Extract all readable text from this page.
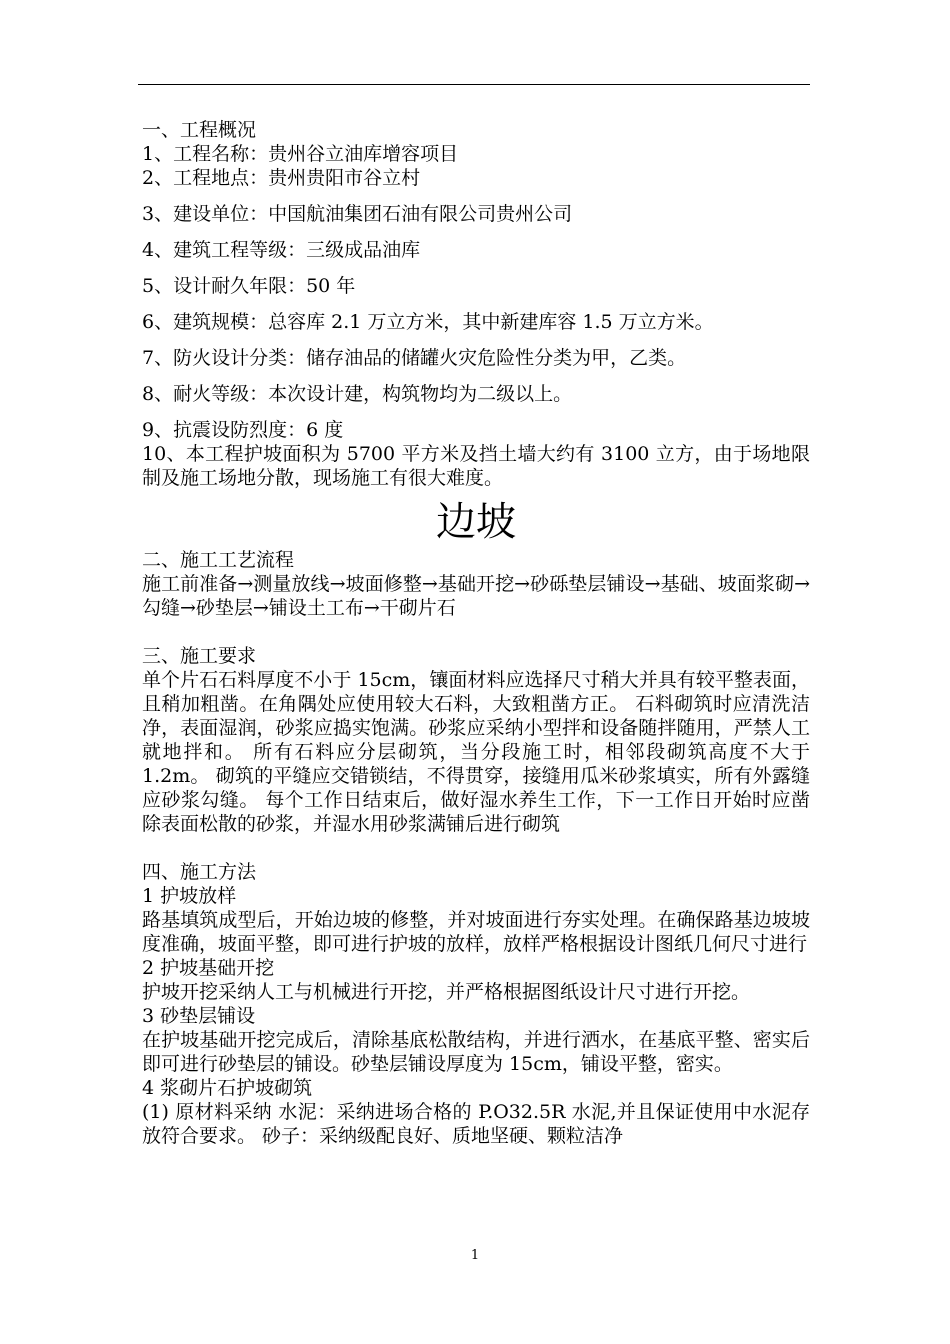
一、工程概况

1、工程名称：贵州谷立油库增容项目

2、工程地点：贵州贵阳市谷立村

3、建设单位：中国航油集团石油有限公司贵州公司

4、建筑工程等级：三级成品油库

5、设计耐久年限：50 年

6、建筑规模：总容库 2.1 万立方米，其中新建库容 1.5 万立方米。

7、防火设计分类：储存油品的储罐火灾危险性分类为甲，乙类。

8、耐火等级：本次设计建，构筑物均为二级以上。

9、抗震设防烈度：6 度

10、本工程护坡面积为 5700 平方米及挡土墙大约有 3100 立方，由于场地限制及施工场地分散，现场施工有很大难度。

边坡

二、施工工艺流程

施工前准备→测量放线→坡面修整→基础开挖→砂砾垫层铺设→基础、坡面浆砌→勾缝→砂垫层→铺设土工布→干砌片石

三、施工要求

单个片石石料厚度不小于 15cm，镶面材料应选择尺寸稍大并具有较平整表面，且稍加粗凿。在角隅处应使用较大石料，大致粗凿方正。 石料砌筑时应清洗洁净，表面湿润，砂浆应捣实饱满。砂浆应采纳小型拌和设备随拌随用，严禁人工就地拌和。 所有石料应分层砌筑，当分段施工时，相邻段砌筑高度不大于 1.2m。 砌筑的平缝应交错锁结，不得贯穿，接缝用瓜米砂浆填实，所有外露缝应砂浆勾缝。 每个工作日结束后，做好湿水养生工作，下一工作日开始时应凿除表面松散的砂浆，并湿水用砂浆满铺后进行砌筑

四、施工方法

1 护坡放样

路基填筑成型后，开始边坡的修整，并对坡面进行夯实处理。在确保路基边坡坡度准确，坡面平整，即可进行护坡的放样，放样严格根据设计图纸几何尺寸进行

2 护坡基础开挖

护坡开挖采纳人工与机械进行开挖，并严格根据图纸设计尺寸进行开挖。

3 砂垫层铺设

在护坡基础开挖完成后，清除基底松散结构，并进行洒水，在基底平整、密实后即可进行砂垫层的铺设。砂垫层铺设厚度为 15cm，铺设平整，密实。

4 浆砌片石护坡砌筑

(1) 原材料采纳 水泥：采纳进场合格的 P.O32.5R 水泥,并且保证使用中水泥存放符合要求。 砂子：采纳级配良好、质地坚硬、颗粒洁净

1
